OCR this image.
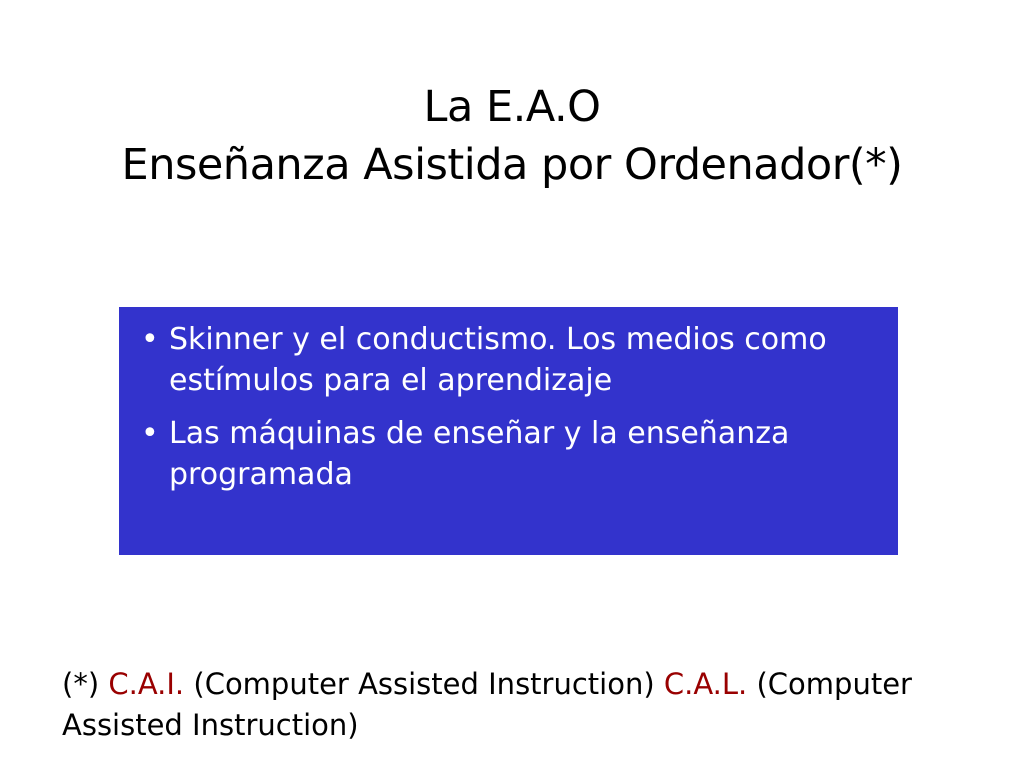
La E.A.O
Enseñanza Asistida por Ordenador(*)
• Skinner y el conductismo. Los medios como estímulos para el aprendizaje
• Las máquinas de enseñar y la enseñanza programada
(*) C.A.I. (Computer Assisted Instruction) C.A.L. (Computer Assisted Instruction)
